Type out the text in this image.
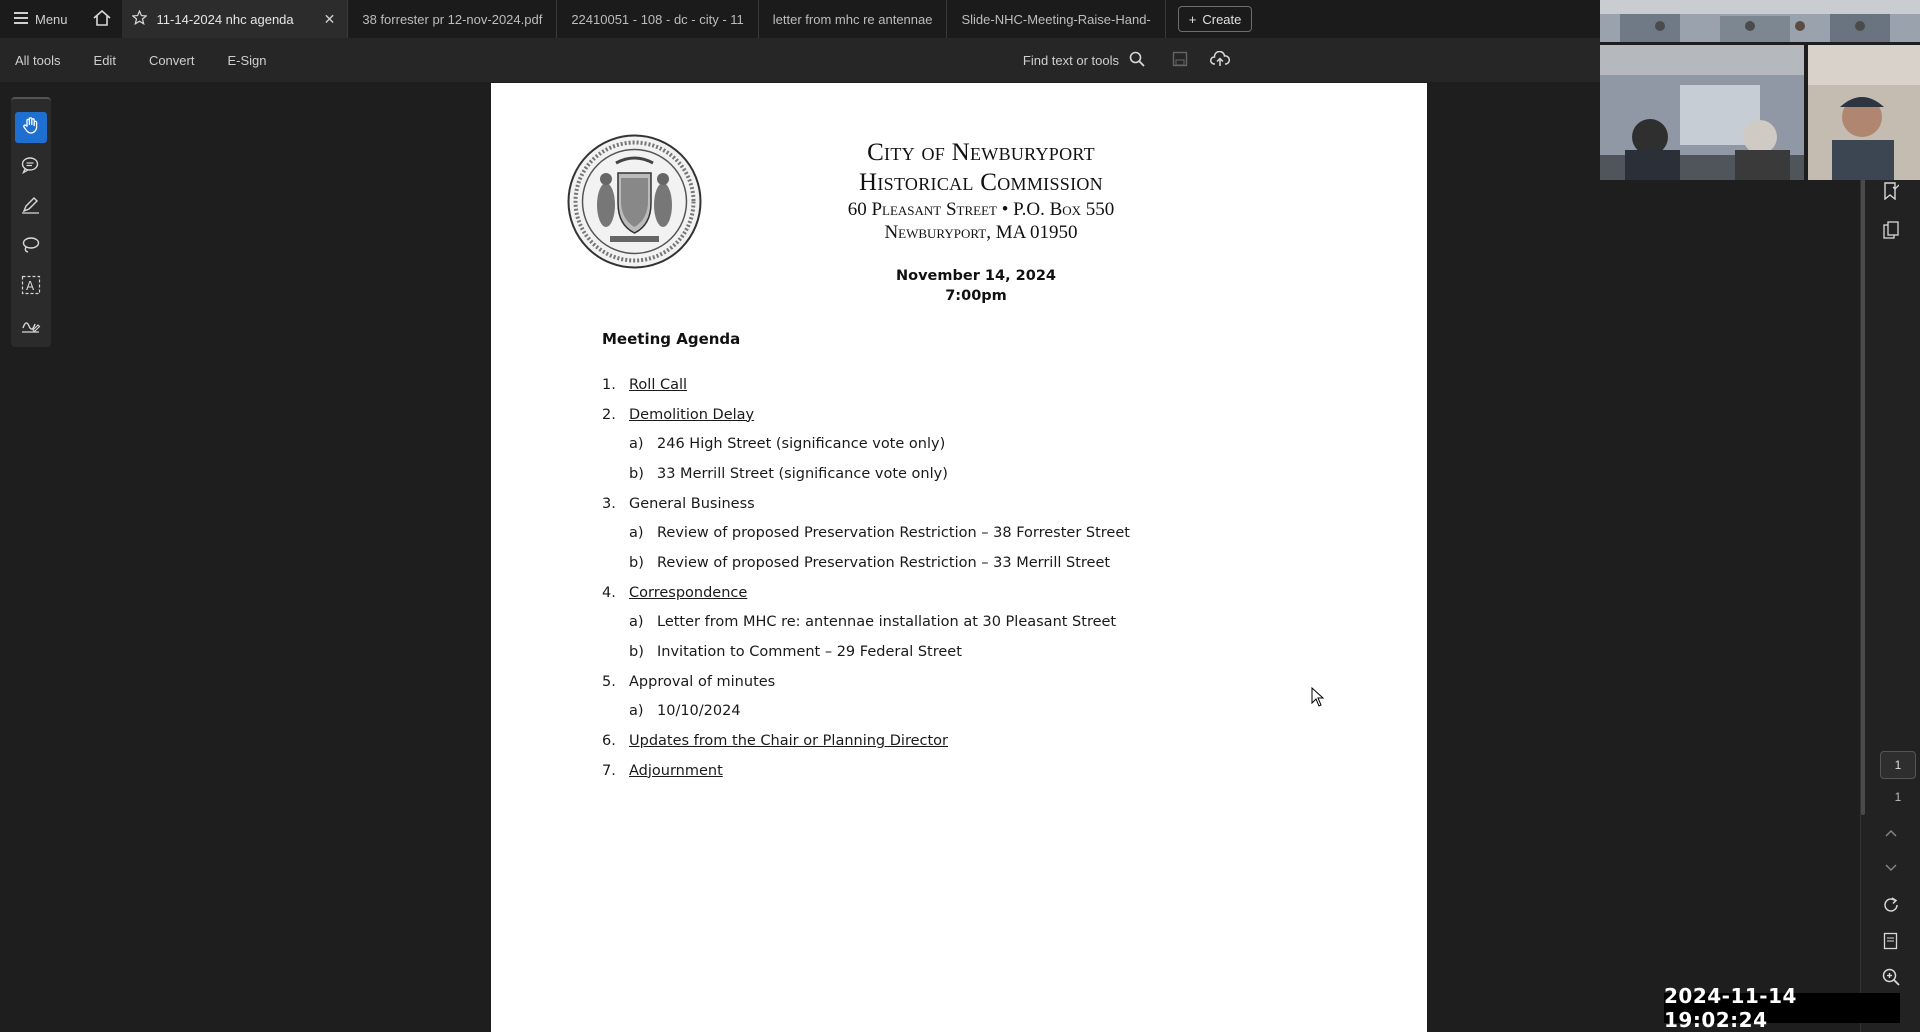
Menu	11-14-2024 nhc agenda ✕ 38 forrester pr 12-nov-2024.pdf 22410051 - 108 - dc - city - 11 letter from mhc re antennae Slide-NHC-Meeting-Raise-Hand-	+ Create
All tools	Edit	Convert	E-Sign	Find text or tools
A
City of Newburyport
Historical Commission
60 Pleasant Street • P.O. Box 550
Newburyport, MA 01950
November 14, 2024
7:00pm
Meeting Agenda
1. Roll Call
2. Demolition Delay
a) 246 High Street (significance vote only)
b) 33 Merrill Street (significance vote only)
3. General Business
a) Review of proposed Preservation Restriction – 38 Forrester Street
b) Review of proposed Preservation Restriction – 33 Merrill Street
4. Correspondence
a) Letter from MHC re: antennae installation at 30 Pleasant Street
b) Invitation to Comment – 29 Federal Street
5. Approval of minutes
a) 10/10/2024
6. Updates from the Chair or Planning Director
7. Adjournment	1
1
2024-11-14 19:02:24
